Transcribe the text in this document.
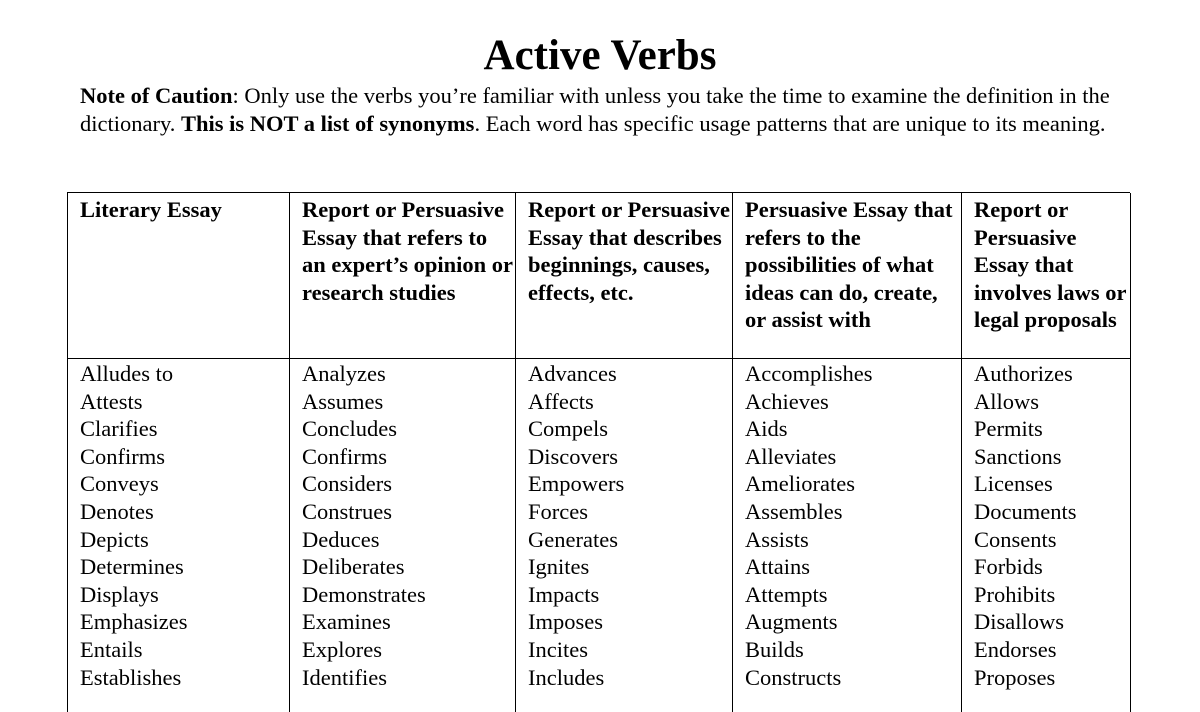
Active Verbs
Note of Caution: Only use the verbs you’re familiar with unless you take the time to examine the definition in the dictionary. This is NOT a list of synonyms. Each word has specific usage patterns that are unique to its meaning.
Literary Essay
Alludes to
Attests
Clarifies
Confirms
Conveys
Denotes
Depicts
Determines
Displays
Emphasizes
Entails
Establishes
Report or Persuasive Essay that refers to an expert’s opinion or research studies
Analyzes
Assumes
Concludes
Confirms
Considers
Construes
Deduces
Deliberates
Demonstrates
Examines
Explores
Identifies
Report or Persuasive Essay that describes beginnings, causes, effects, etc.
Advances
Affects
Compels
Discovers
Empowers
Forces
Generates
Ignites
Impacts
Imposes
Incites
Includes
Persuasive Essay that refers to the possibilities of what ideas can do, create, or assist with
Accomplishes
Achieves
Aids
Alleviates
Ameliorates
Assembles
Assists
Attains
Attempts
Augments
Builds
Constructs
Report or Persuasive Essay that involves laws or legal proposals
Authorizes
Allows
Permits
Sanctions
Licenses
Documents
Consents
Forbids
Prohibits
Disallows
Endorses
Proposes
